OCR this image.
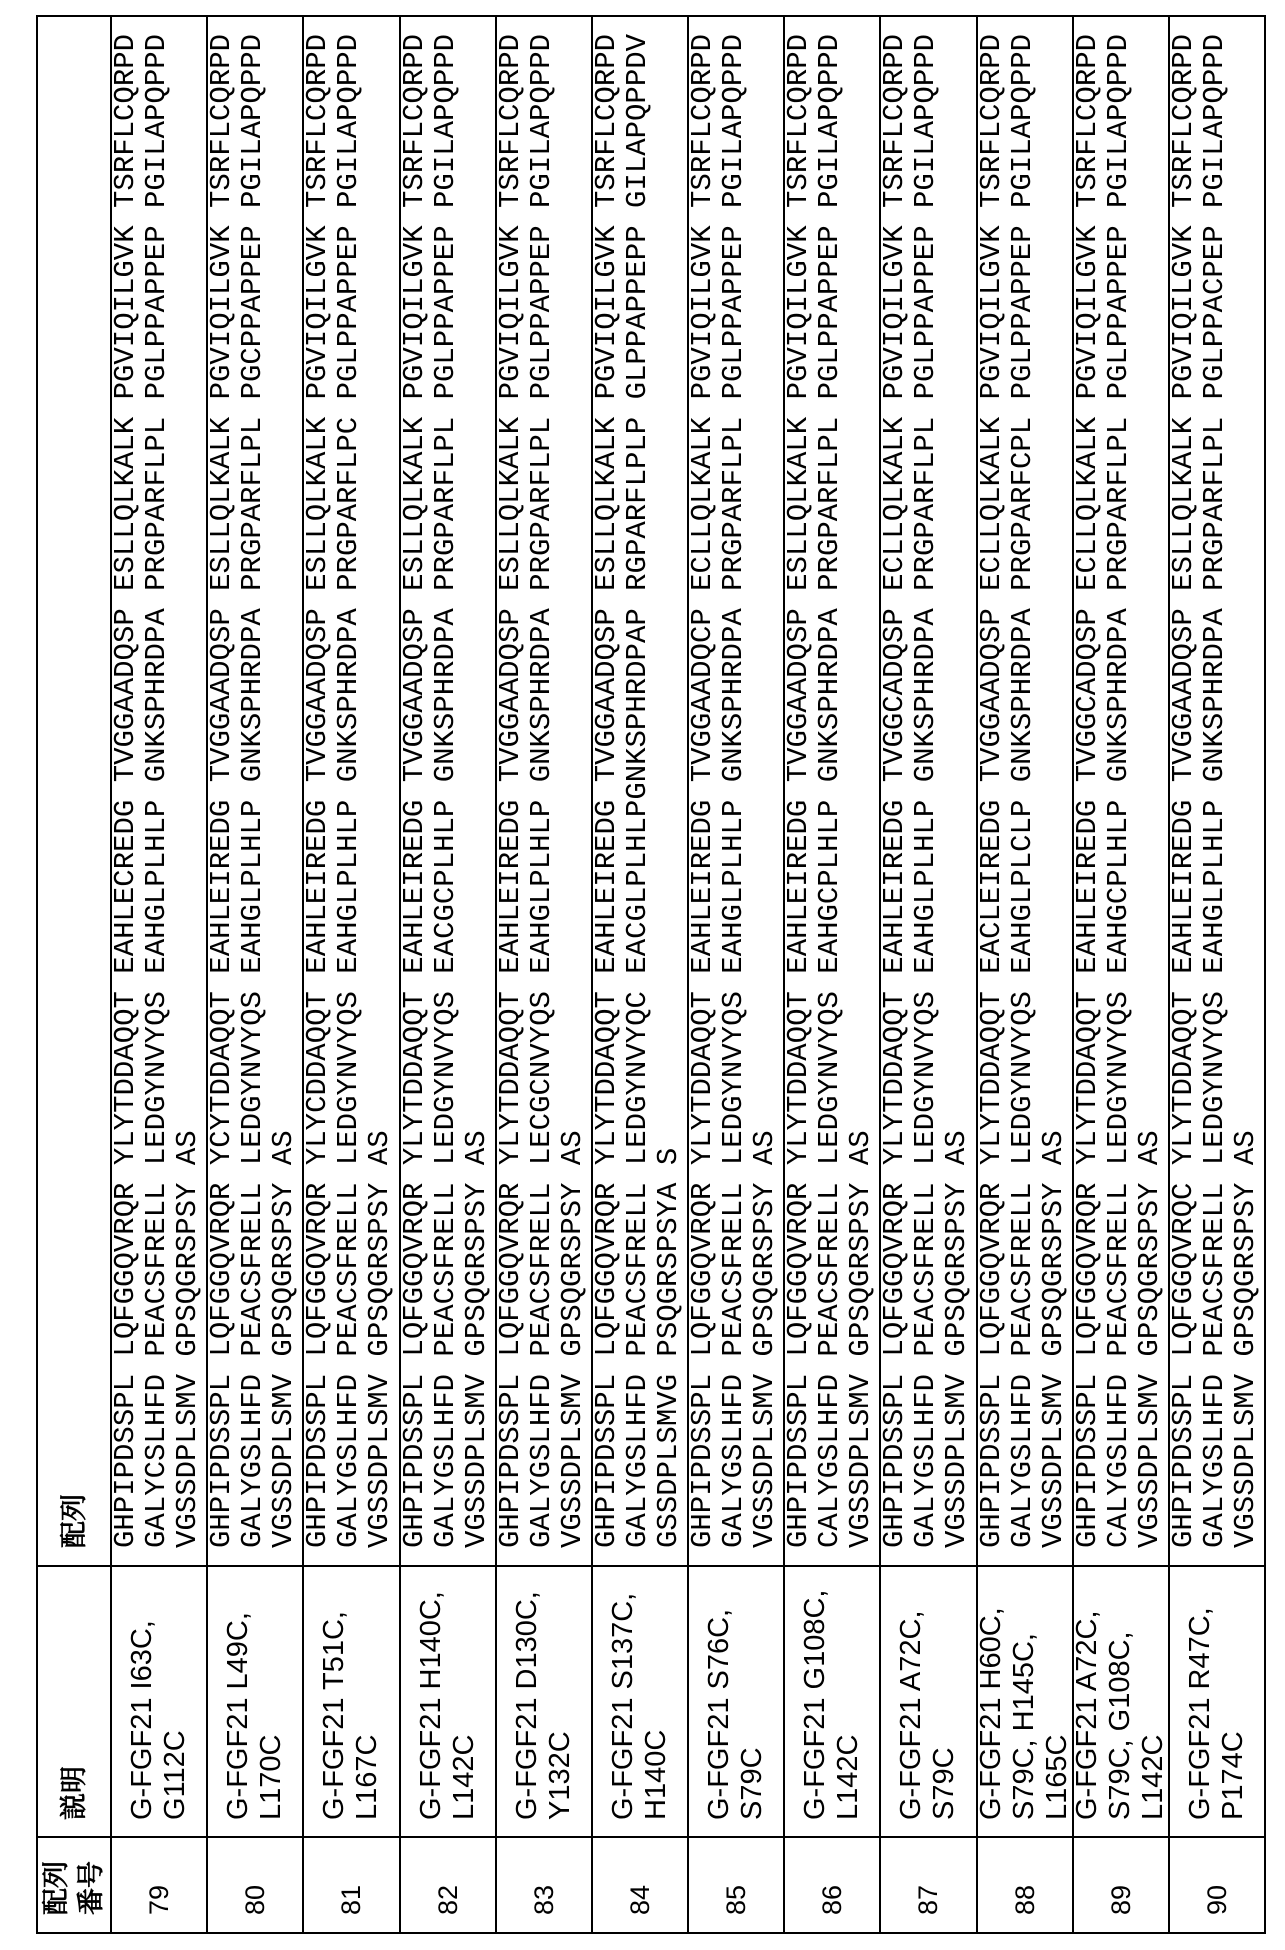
配列
番号
説明
配列
79
G-FGF21 I63C,
G112C
GHPIPDSSPL LQFGGQVRQR YLYTDDAQQT EAHLECREDG TVGGAADQSP ESLLQLKALK PGVIQILGVK TSRFLCQRPD
GALYCSLHFD PEACSFRELL LEDGYNVYQS EAHGLPLHLP GNKSPHRDPA PRGPARFLPL PGLPPAPPEP PGILAPQPPD
VGSSDPLSMV GPSQGRSPSY AS
80
G-FGF21 L49C,
L170C
GHPIPDSSPL LQFGGQVRQR YCYTDDAQQT EAHLEIREDG TVGGAADQSP ESLLQLKALK PGVIQILGVK TSRFLCQRPD
GALYGSLHFD PEACSFRELL LEDGYNVYQS EAHGLPLHLP GNKSPHRDPA PRGPARFLPL PGCPPAPPEP PGILAPQPPD
VGSSDPLSMV GPSQGRSPSY AS
81
G-FGF21 T51C,
L167C
GHPIPDSSPL LQFGGQVRQR YLYCDDAQQT EAHLEIREDG TVGGAADQSP ESLLQLKALK PGVIQILGVK TSRFLCQRPD
GALYGSLHFD PEACSFRELL LEDGYNVYQS EAHGLPLHLP GNKSPHRDPA PRGPARFLPC PGLPPAPPEP PGILAPQPPD
VGSSDPLSMV GPSQGRSPSY AS
82
G-FGF21 H140C,
L142C
GHPIPDSSPL LQFGGQVRQR YLYTDDAQQT EAHLEIREDG TVGGAADQSP ESLLQLKALK PGVIQILGVK TSRFLCQRPD
GALYGSLHFD PEACSFRELL LEDGYNVYQS EACGCPLHLP GNKSPHRDPA PRGPARFLPL PGLPPAPPEP PGILAPQPPD
VGSSDPLSMV GPSQGRSPSY AS
83
G-FGF21 D130C,
Y132C
GHPIPDSSPL LQFGGQVRQR YLYTDDAQQT EAHLEIREDG TVGGAADQSP ESLLQLKALK PGVIQILGVK TSRFLCQRPD
GALYGSLHFD PEACSFRELL LECGCNVYQS EAHGLPLHLP GNKSPHRDPA PRGPARFLPL PGLPPAPPEP PGILAPQPPD
VGSSDPLSMV GPSQGRSPSY AS
84
G-FGF21 S137C,
H140C
GHPIPDSSPL LQFGGQVRQR YLYTDDAQQT EAHLEIREDG TVGGAADQSP ESLLQLKALK PGVIQILGVK TSRFLCQRPD
GALYGSLHFD PEACSFRELL LEDGYNVYQC EACGLPLHLPGNKSPHRDPAP RGPARFLPLP GLPPAPPEPP GILAPQPPDV
GSSDPLSMVG PSQGRSPSYA S
85
G-FGF21 S76C,
S79C
GHPIPDSSPL LQFGGQVRQR YLYTDDAQQT EAHLEIREDG TVGGAADQCP ECLLQLKALK PGVIQILGVK TSRFLCQRPD
GALYGSLHFD PEACSFRELL LEDGYNVYQS EAHGLPLHLP GNKSPHRDPA PRGPARFLPL PGLPPAPPEP PGILAPQPPD
VGSSDPLSMV GPSQGRSPSY AS
86
G-FGF21 G108C,
L142C
GHPIPDSSPL LQFGGQVRQR YLYTDDAQQT EAHLEIREDG TVGGAADQSP ESLLQLKALK PGVIQILGVK TSRFLCQRPD
CALYGSLHFD PEACSFRELL LEDGYNVYQS EAHGCPLHLP GNKSPHRDPA PRGPARFLPL PGLPPAPPEP PGILAPQPPD
VGSSDPLSMV GPSQGRSPSY AS
87
G-FGF21 A72C,
S79C
GHPIPDSSPL LQFGGQVRQR YLYTDDAQQT EAHLEIREDG TVGGCADQSP ECLLQLKALK PGVIQILGVK TSRFLCQRPD
GALYGSLHFD PEACSFRELL LEDGYNVYQS EAHGLPLHLP GNKSPHRDPA PRGPARFLPL PGLPPAPPEP PGILAPQPPD
VGSSDPLSMV GPSQGRSPSY AS
88
G-FGF21 H60C,
S79C, H145C,
L165C
GHPIPDSSPL LQFGGQVRQR YLYTDDAQQT EACLEIREDG TVGGAADQSP ECLLQLKALK PGVIQILGVK TSRFLCQRPD
GALYGSLHFD PEACSFRELL LEDGYNVYQS EAHGLPLCLP GNKSPHRDPA PRGPARFCPL PGLPPAPPEP PGILAPQPPD
VGSSDPLSMV GPSQGRSPSY AS
89
G-FGF21 A72C,
S79C, G108C,
L142C
GHPIPDSSPL LQFGGQVRQR YLYTDDAQQT EAHLEIREDG TVGGCADQSP ECLLQLKALK PGVIQILGVK TSRFLCQRPD
CALYGSLHFD PEACSFRELL LEDGYNVYQS EAHGCPLHLP GNKSPHRDPA PRGPARFLPL PGLPPAPPEP PGILAPQPPD
VGSSDPLSMV GPSQGRSPSY AS
90
G-FGF21 R47C,
P174C
GHPIPDSSPL LQFGGQVRQC YLYTDDAQQT EAHLEIREDG TVGGAADQSP ESLLQLKALK PGVIQILGVK TSRFLCQRPD
GALYGSLHFD PEACSFRELL LEDGYNVYQS EAHGLPLHLP GNKSPHRDPA PRGPARFLPL PGLPPACPEP PGILAPQPPD
VGSSDPLSMV GPSQGRSPSY AS
